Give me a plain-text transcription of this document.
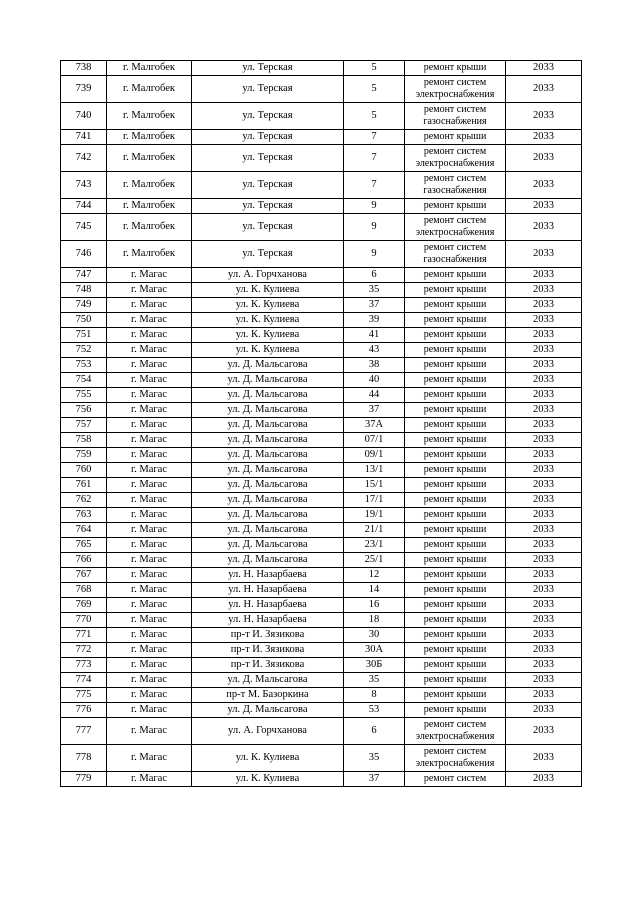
738	г. Малгобек	ул. Терская	5	ремонт крыши	2033
739	г. Малгобек	ул. Терская	5	ремонт систем электроснабжения	2033
740	г. Малгобек	ул. Терская	5	ремонт систем газоснабжения	2033
741	г. Малгобек	ул. Терская	7	ремонт крыши	2033
742	г. Малгобек	ул. Терская	7	ремонт систем электроснабжения	2033
743	г. Малгобек	ул. Терская	7	ремонт систем газоснабжения	2033
744	г. Малгобек	ул. Терская	9	ремонт крыши	2033
745	г. Малгобек	ул. Терская	9	ремонт систем электроснабжения	2033
746	г. Малгобек	ул. Терская	9	ремонт систем газоснабжения	2033
747	г. Магас	ул. А. Горчханова	6	ремонт крыши	2033
748	г. Магас	ул. К. Кулиева	35	ремонт крыши	2033
749	г. Магас	ул. К. Кулиева	37	ремонт крыши	2033
750	г. Магас	ул. К. Кулиева	39	ремонт крыши	2033
751	г. Магас	ул. К. Кулиева	41	ремонт крыши	2033
752	г. Магас	ул. К. Кулиева	43	ремонт крыши	2033
753	г. Магас	ул. Д. Мальсагова	38	ремонт крыши	2033
754	г. Магас	ул. Д. Мальсагова	40	ремонт крыши	2033
755	г. Магас	ул. Д. Мальсагова	44	ремонт крыши	2033
756	г. Магас	ул. Д. Мальсагова	37	ремонт крыши	2033
757	г. Магас	ул. Д. Мальсагова	37А	ремонт крыши	2033
758	г. Магас	ул. Д. Мальсагова	07/1	ремонт крыши	2033
759	г. Магас	ул. Д. Мальсагова	09/1	ремонт крыши	2033
760	г. Магас	ул. Д. Мальсагова	13/1	ремонт крыши	2033
761	г. Магас	ул. Д. Мальсагова	15/1	ремонт крыши	2033
762	г. Магас	ул. Д. Мальсагова	17/1	ремонт крыши	2033
763	г. Магас	ул. Д. Мальсагова	19/1	ремонт крыши	2033
764	г. Магас	ул. Д. Мальсагова	21/1	ремонт крыши	2033
765	г. Магас	ул. Д. Мальсагова	23/1	ремонт крыши	2033
766	г. Магас	ул. Д. Мальсагова	25/1	ремонт крыши	2033
767	г. Магас	ул. Н. Назарбаева	12	ремонт крыши	2033
768	г. Магас	ул. Н. Назарбаева	14	ремонт крыши	2033
769	г. Магас	ул. Н. Назарбаева	16	ремонт крыши	2033
770	г. Магас	ул. Н. Назарбаева	18	ремонт крыши	2033
771	г. Магас	пр-т И. Зязикова	30	ремонт крыши	2033
772	г. Магас	пр-т И. Зязикова	30А	ремонт крыши	2033
773	г. Магас	пр-т И. Зязикова	30Б	ремонт крыши	2033
774	г. Магас	ул. Д. Мальсагова	35	ремонт крыши	2033
775	г. Магас	пр-т М. Базоркина	8	ремонт крыши	2033
776	г. Магас	ул. Д. Мальсагова	53	ремонт крыши	2033
777	г. Магас	ул. А. Горчханова	6	ремонт систем электроснабжения	2033
778	г. Магас	ул. К. Кулиева	35	ремонт систем электроснабжения	2033
779	г. Магас	ул. К. Кулиева	37	ремонт систем	2033
